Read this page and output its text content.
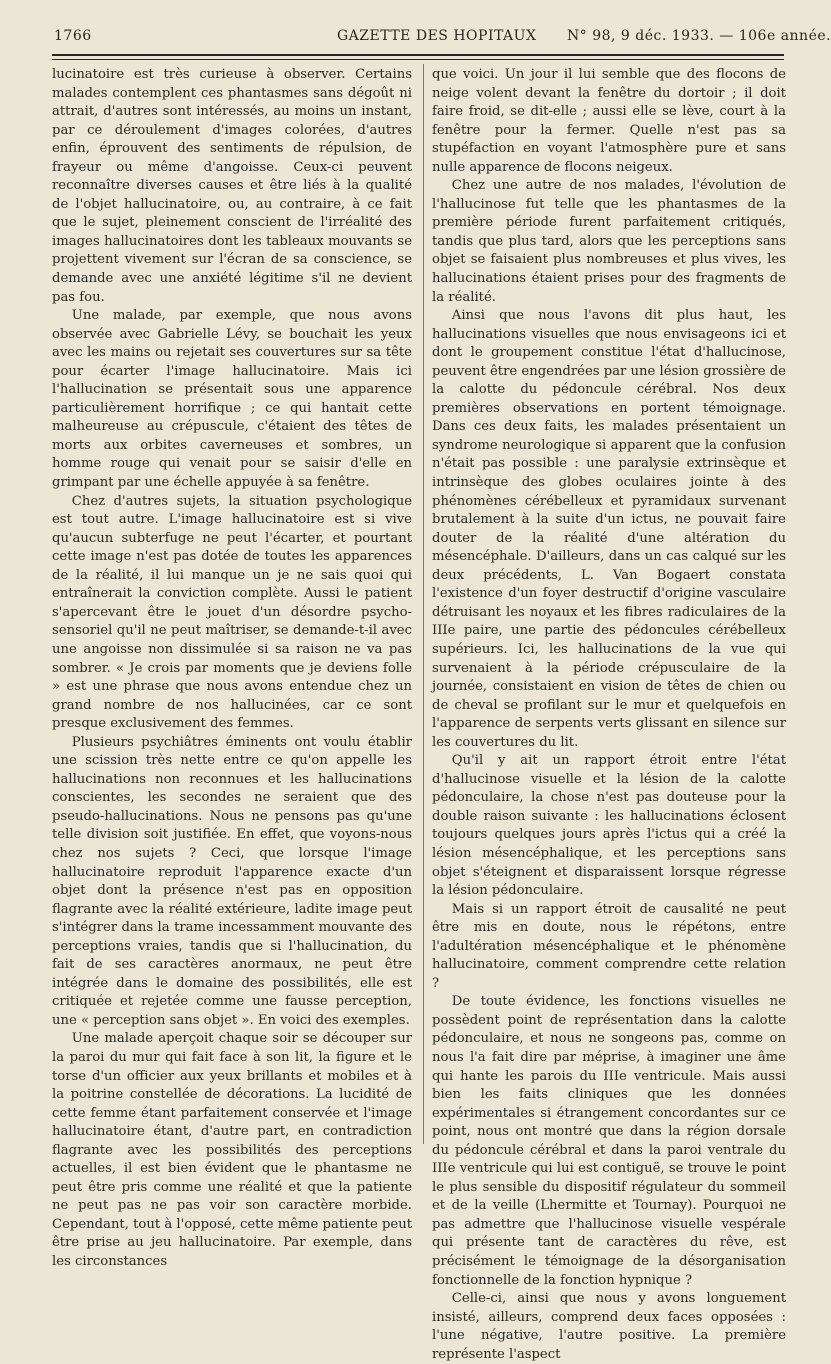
1766	GAZETTE DES HOPITAUX N° 98, 9 déc. 1933. — 106e année.

lucinatoire est très curieuse à observer. Certains malades contemplent ces phantasmes sans dégoût ni attrait, d'autres sont intéressés, au moins un instant, par ce déroulement d'images colorées, d'autres enfin, éprouvent des sentiments de répulsion, de frayeur ou même d'angoisse. Ceux-ci peuvent reconnaître diverses causes et être liés à la qualité de l'objet hallucinatoire, ou, au contraire, à ce fait que le sujet, pleinement conscient de l'irréalité des images hallucinatoires dont les tableaux mouvants se projettent vivement sur l'écran de sa conscience, se demande avec une anxiété légitime s'il ne devient pas fou.

Une malade, par exemple, que nous avons observée avec Gabrielle Lévy, se bouchait les yeux avec les mains ou rejetait ses couvertures sur sa tête pour écarter l'image hallucinatoire. Mais ici l'hallucination se présentait sous une apparence particulièrement horrifique ; ce qui hantait cette malheureuse au crépuscule, c'étaient des têtes de morts aux orbites caverneuses et sombres, un homme rouge qui venait pour se saisir d'elle en grimpant par une échelle appuyée à sa fenêtre.

Chez d'autres sujets, la situation psychologique est tout autre. L'image hallucinatoire est si vive qu'aucun subterfuge ne peut l'écarter, et pourtant cette image n'est pas dotée de toutes les apparences de la réalité, il lui manque un je ne sais quoi qui entraînerait la conviction complète. Aussi le patient s'apercevant être le jouet d'un désordre psycho-sensoriel qu'il ne peut maîtriser, se demande-t-il avec une angoisse non dissimulée si sa raison ne va pas sombrer. « Je crois par moments que je deviens folle » est une phrase que nous avons entendue chez un grand nombre de nos hallucinées, car ce sont presque exclusivement des femmes.

Plusieurs psychiâtres éminents ont voulu établir une scission très nette entre ce qu'on appelle les hallucinations non reconnues et les hallucinations conscientes, les secondes ne seraient que des pseudo-hallucinations. Nous ne pensons pas qu'une telle division soit justifiée. En effet, que voyons-nous chez nos sujets ? Ceci, que lorsque l'image hallucinatoire reproduit l'apparence exacte d'un objet dont la présence n'est pas en opposition flagrante avec la réalité extérieure, ladite image peut s'intégrer dans la trame incessamment mouvante des perceptions vraies, tandis que si l'hallucination, du fait de ses caractères anormaux, ne peut être intégrée dans le domaine des possibilités, elle est critiquée et rejetée comme une fausse perception, une « perception sans objet ». En voici des exemples.

Une malade aperçoit chaque soir se découper sur la paroi du mur qui fait face à son lit, la figure et le torse d'un officier aux yeux brillants et mobiles et à la poitrine constellée de décorations. La lucidité de cette femme étant parfaitement conservée et l'image hallucinatoire étant, d'autre part, en contradiction flagrante avec les possibilités des perceptions actuelles, il est bien évident que le phantasme ne peut être pris comme une réalité et que la patiente ne peut pas ne pas voir son caractère morbide. Cependant, tout à l'opposé, cette même patiente peut être prise au jeu hallucinatoire. Par exemple, dans les circonstances

que voici. Un jour il lui semble que des flocons de neige volent devant la fenêtre du dortoir ; il doit faire froid, se dit-elle ; aussi elle se lève, court à la fenêtre pour la fermer. Quelle n'est pas sa stupéfaction en voyant l'atmosphère pure et sans nulle apparence de flocons neigeux.

Chez une autre de nos malades, l'évolution de l'hallucinose fut telle que les phantasmes de la première période furent parfaitement critiqués, tandis que plus tard, alors que les perceptions sans objet se faisaient plus nombreuses et plus vives, les hallucinations étaient prises pour des fragments de la réalité.

Ainsi que nous l'avons dit plus haut, les hallucinations visuelles que nous envisageons ici et dont le groupement constitue l'état d'hallucinose, peuvent être engendrées par une lésion grossière de la calotte du pédoncule cérébral. Nos deux premières observations en portent témoignage. Dans ces deux faits, les malades présentaient un syndrome neurologique si apparent que la confusion n'était pas possible : une paralysie extrinsèque et intrinsèque des globes oculaires jointe à des phénomènes cérébelleux et pyramidaux survenant brutalement à la suite d'un ictus, ne pouvait faire douter de la réalité d'une altération du mésencéphale. D'ailleurs, dans un cas calqué sur les deux précédents, L. Van Bogaert constata l'existence d'un foyer destructif d'origine vasculaire détruisant les noyaux et les fibres radiculaires de la IIIe paire, une partie des pédoncules cérébelleux supérieurs. Ici, les hallucinations de la vue qui survenaient à la période crépusculaire de la journée, consistaient en vision de têtes de chien ou de cheval se profilant sur le mur et quelquefois en l'apparence de serpents verts glissant en silence sur les couvertures du lit.

Qu'il y ait un rapport étroit entre l'état d'hallucinose visuelle et la lésion de la calotte pédonculaire, la chose n'est pas douteuse pour la double raison suivante : les hallucinations éclosent toujours quelques jours après l'ictus qui a créé la lésion mésencéphalique, et les perceptions sans objet s'éteignent et disparaissent lorsque régresse la lésion pédonculaire.

Mais si un rapport étroit de causalité ne peut être mis en doute, nous le répétons, entre l'adultération mésencéphalique et le phénomène hallucinatoire, comment comprendre cette relation ?

De toute évidence, les fonctions visuelles ne possèdent point de représentation dans la calotte pédonculaire, et nous ne songeons pas, comme on nous l'a fait dire par méprise, à imaginer une âme qui hante les parois du IIIe ventricule. Mais aussi bien les faits cliniques que les données expérimentales si étrangement concordantes sur ce point, nous ont montré que dans la région dorsale du pédoncule cérébral et dans la paroi ventrale du IIIe ventricule qui lui est contiguë, se trouve le point le plus sensible du dispositif régulateur du sommeil et de la veille (Lhermitte et Tournay). Pourquoi ne pas admettre que l'hallucinose visuelle vespérale qui présente tant de caractères du rêve, est précisément le témoignage de la désorganisation fonctionnelle de la fonction hypnique ?

Celle-ci, ainsi que nous y avons longuement insisté, ailleurs, comprend deux faces opposées : l'une négative, l'autre positive. La première représente l'aspect
